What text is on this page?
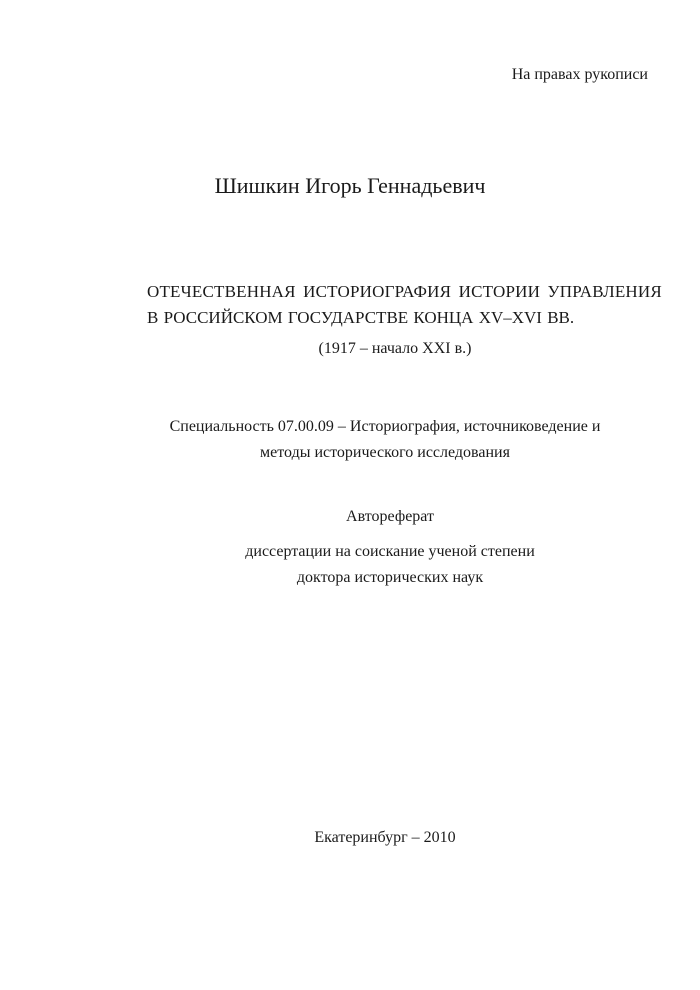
На правах рукописи

Шишкин Игорь Геннадьевич

ОТЕЧЕСТВЕННАЯ ИСТОРИОГРАФИЯ ИСТОРИИ УПРАВЛЕНИЯ

В РОССИЙСКОМ ГОСУДАРСТВЕ КОНЦА XV–XVI ВВ.

(1917 – начало XXI в.)

Специальность 07.00.09 – Историография, источниковедение и

методы исторического исследования

Автореферат

диссертации на соискание ученой степени

доктора исторических наук

Екатеринбург – 2010
